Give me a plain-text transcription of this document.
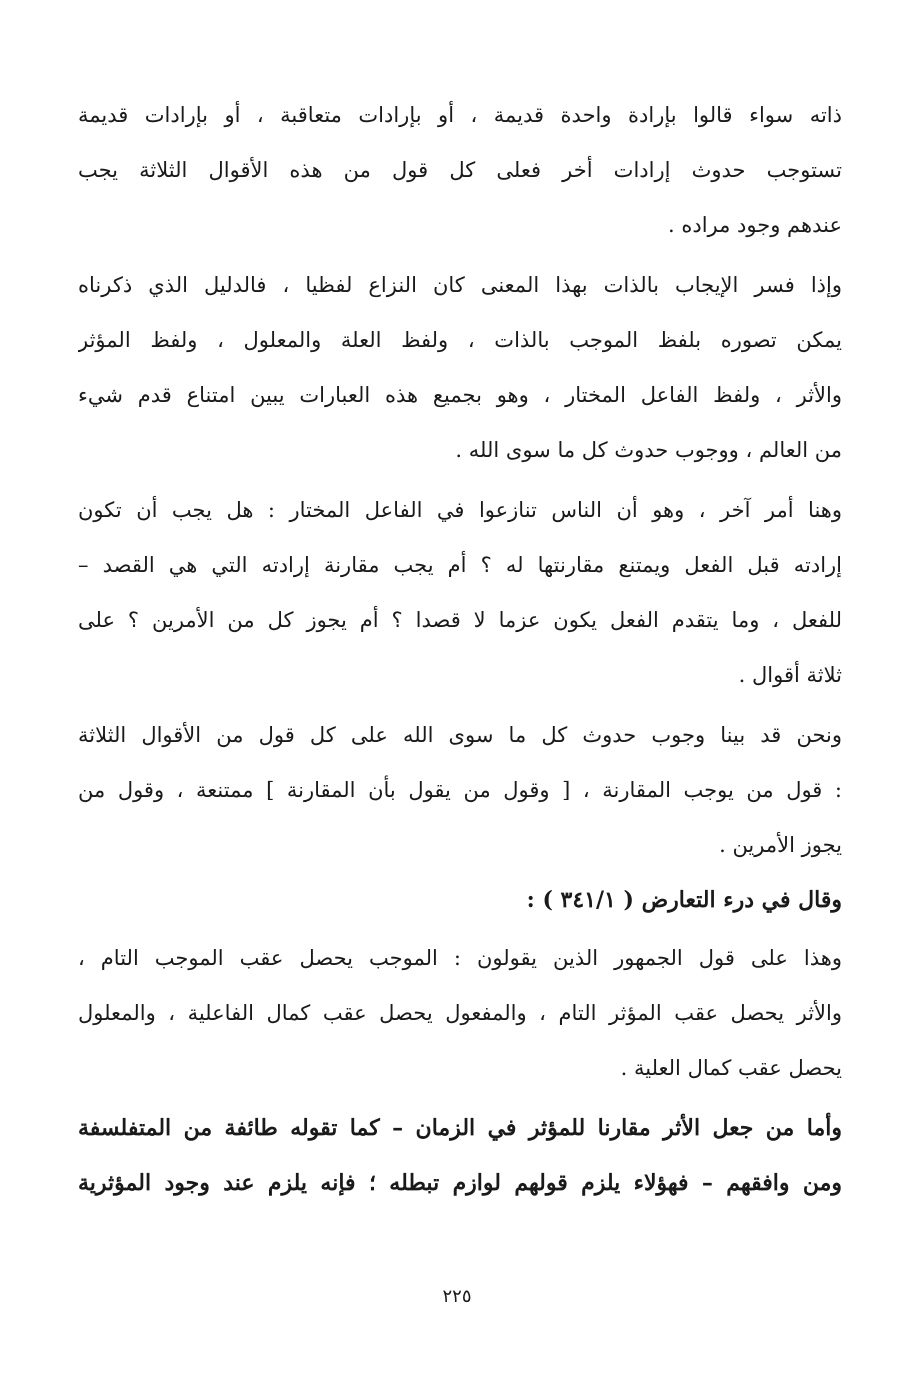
ذاته سواء قالوا بإرادة واحدة قديمة ، أو بإرادات متعاقبة ، أو بإرادات قديمة
تستوجب حدوث إرادات أخر فعلى كل قول من هذه الأقوال الثلاثة يجب
عندهم وجود مراده .
وإذا فسر الإيجاب بالذات بهذا المعنى كان النزاع لفظيا ، فالدليل الذي ذكرناه
يمكن تصوره بلفظ الموجب بالذات ، ولفظ العلة والمعلول ، ولفظ المؤثر
والأثر ، ولفظ الفاعل المختار ، وهو بجميع هذه العبارات يبين امتناع قدم شيء
من العالم ، ووجوب حدوث كل ما سوى الله .
وهنا أمر آخر ، وهو أن الناس تنازعوا في الفاعل المختار : هل يجب أن تكون
إرادته قبل الفعل ويمتنع مقارنتها له ؟ أم يجب مقارنة إرادته التي هي القصد –
للفعل ، وما يتقدم الفعل يكون عزما لا قصدا ؟ أم يجوز كل من الأمرين ؟ على
ثلاثة أقوال .
ونحن قد بينا وجوب حدوث كل ما سوى الله على كل قول من الأقوال الثلاثة
: قول من يوجب المقارنة ، [ وقول من يقول بأن المقارنة ] ممتنعة ، وقول من
يجوز الأمرين .
وقال في درء التعارض ( ٣٤١/١ ) :
وهذا على قول الجمهور الذين يقولون : الموجب يحصل عقب الموجب التام ،
والأثر يحصل عقب المؤثر التام ، والمفعول يحصل عقب كمال الفاعلية ، والمعلول
يحصل عقب كمال العلية .
وأما من جعل الأثر مقارنا للمؤثر في الزمان – كما تقوله طائفة من المتفلسفة
ومن وافقهم – فهؤلاء يلزم قولهم لوازم تبطله ؛ فإنه يلزم عند وجود المؤثرية
٢٢٥
